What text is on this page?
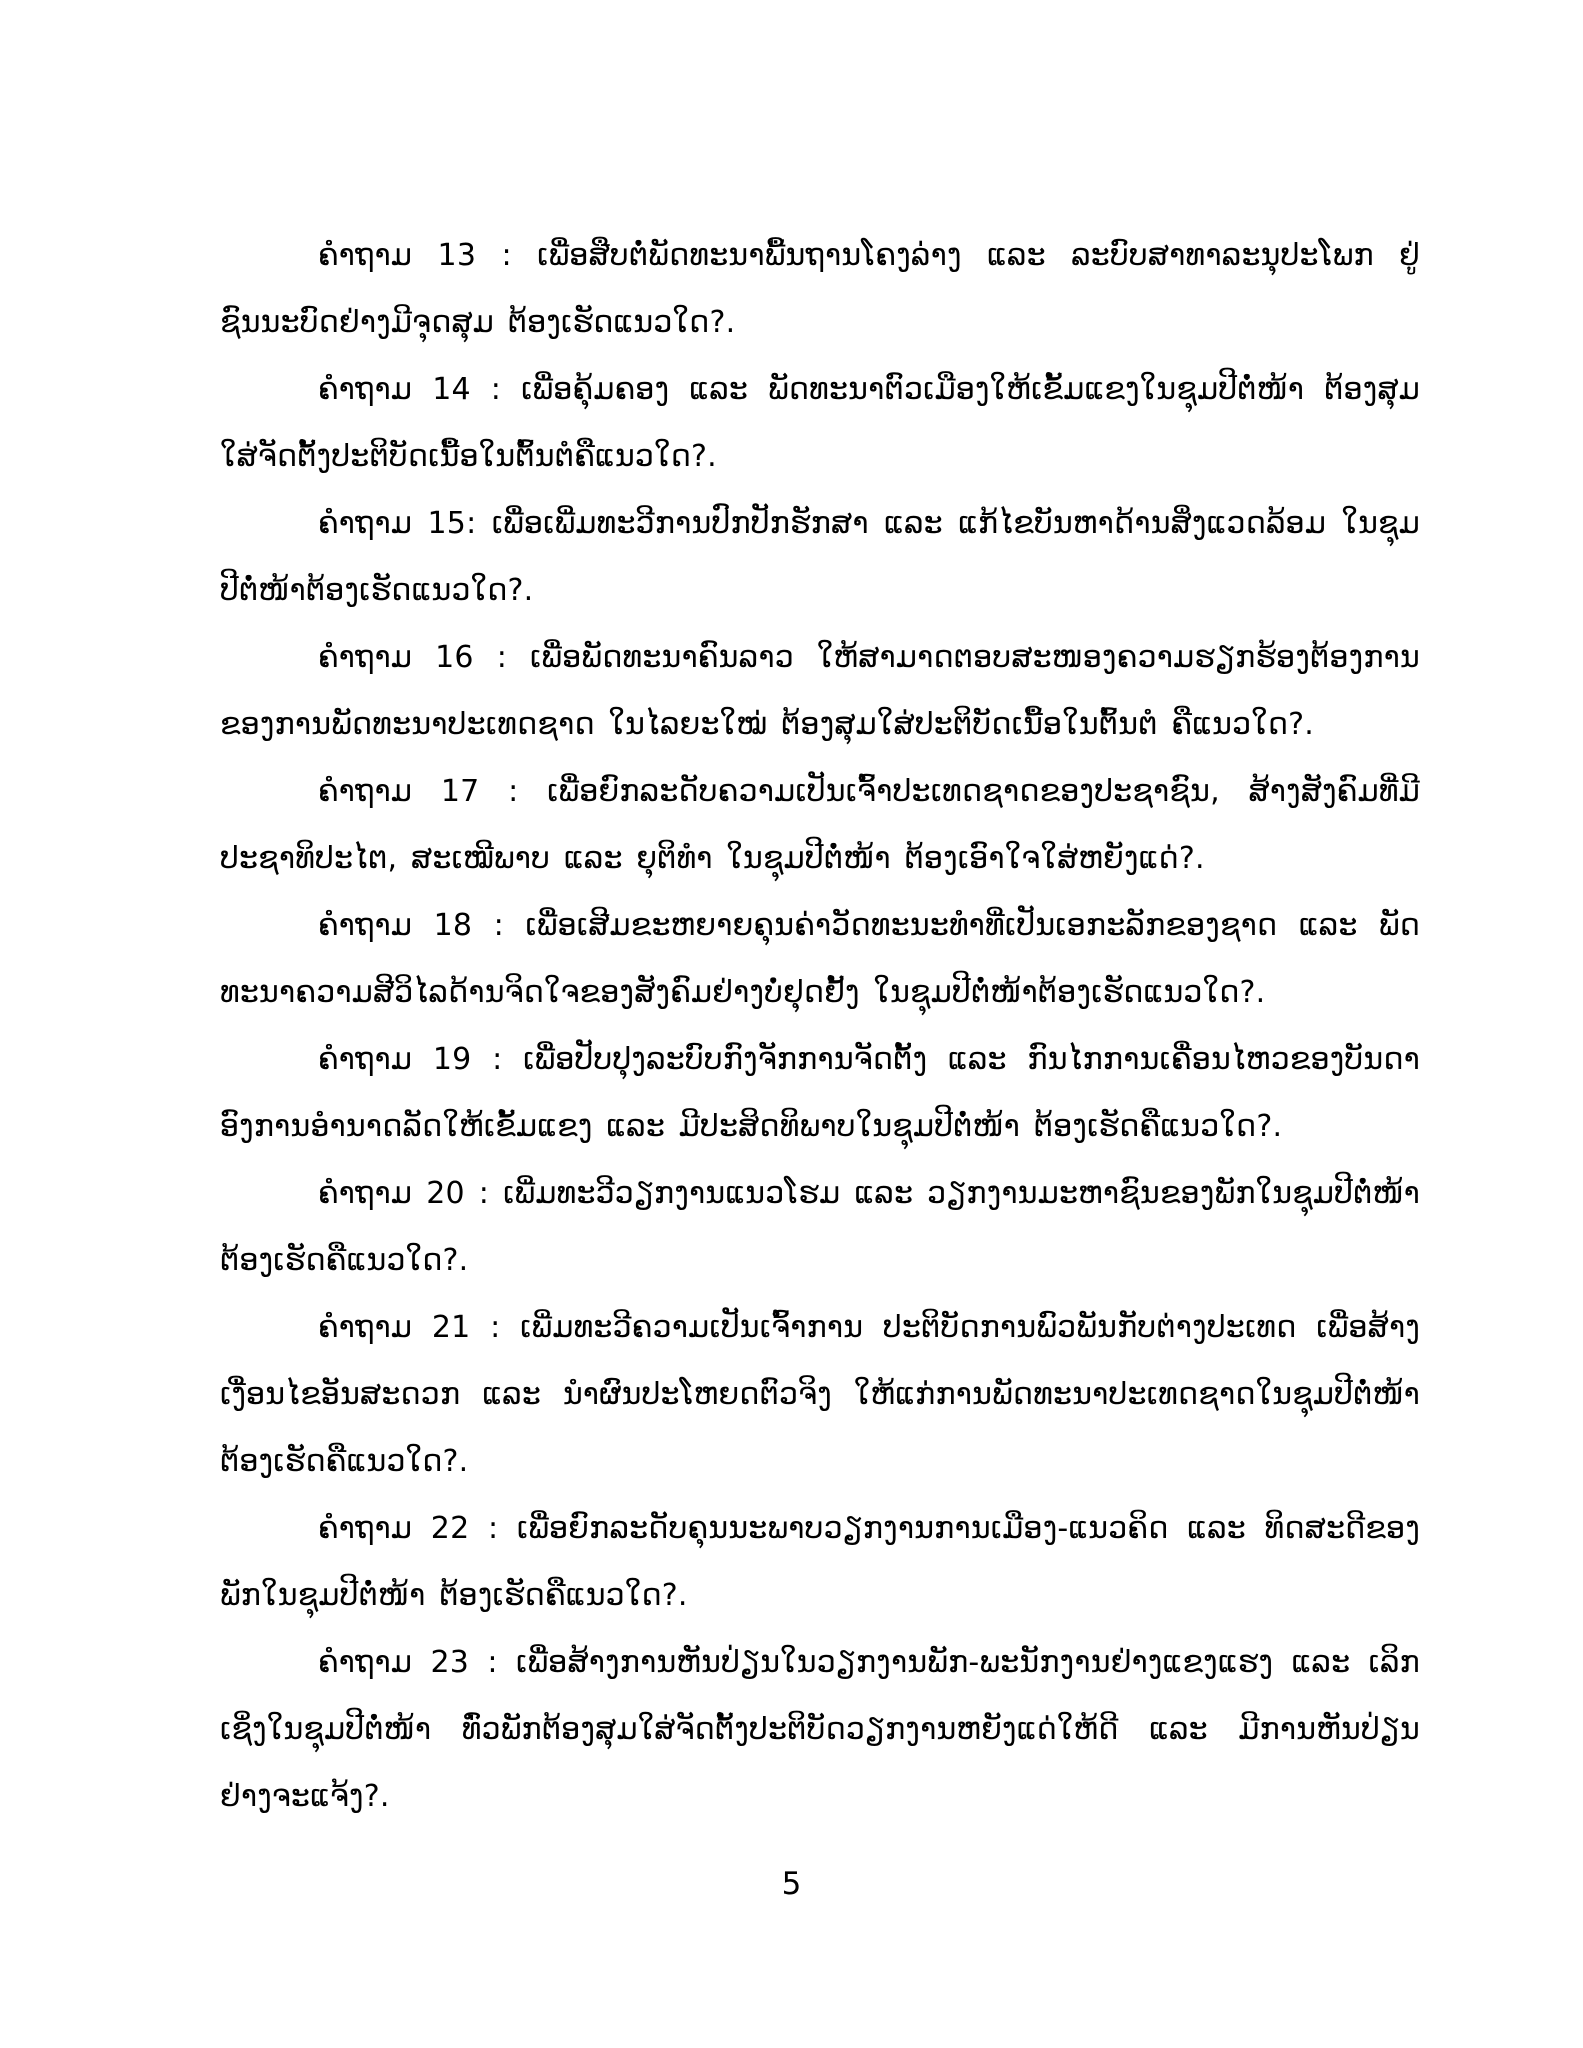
ຄຳຖາມ 13 : ເພື່ອສືບຕໍ່ພັດທະນາພື້ນຖານໂຄງລ່າງ ແລະ ລະບົບສາທາລະນຸປະໂພກ ຢູ່ຊົນນະບົດຢ່າງມີຈຸດສຸມ ຕ້ອງເຮັດແນວໃດ?.

ຄຳຖາມ 14 : ເພື່ອຄຸ້ມຄອງ ແລະ ພັດທະນາຕົວເມືອງໃຫ້ເຂັ້ມແຂງໃນຊຸມປີຕໍ່ໜ້າ ຕ້ອງສຸມໃສ່ຈັດຕັ້ງປະຕິບັດເນື້ອໃນຕົ້ນຕໍຄືແນວໃດ?.

ຄຳຖາມ 15: ເພື່ອເພີ່ມທະວີການປົກປັກຮັກສາ ແລະ ແກ້ໄຂບັນຫາດ້ານສິ່ງແວດລ້ອມ ໃນຊຸມປີຕໍ່ໜ້າຕ້ອງເຮັດແນວໃດ?.

ຄຳຖາມ 16 : ເພື່ອພັດທະນາຄົນລາວ ໃຫ້ສາມາດຕອບສະໜອງຄວາມຮຽກຮ້ອງຕ້ອງການຂອງການພັດທະນາປະເທດຊາດ ໃນໄລຍະໃໝ່ ຕ້ອງສຸມໃສ່ປະຕິບັດເນື້ອໃນຕົ້ນຕໍ ຄືແນວໃດ?.

ຄຳຖາມ 17 : ເພື່ອຍົກລະດັບຄວາມເປັນເຈົ້າປະເທດຊາດຂອງປະຊາຊົນ, ສ້າງສັງຄົມທີ່ມີປະຊາທິປະໄຕ, ສະເໝີພາບ ແລະ ຍຸຕິທຳ ໃນຊຸມປີຕໍ່ໜ້າ ຕ້ອງເອົາໃຈໃສ່ຫຍັງແດ່?.

ຄຳຖາມ 18 : ເພື່ອເສີມຂະຫຍາຍຄຸນຄ່າວັດທະນະທຳທີ່ເປັນເອກະລັກຂອງຊາດ ແລະ ພັດ ທະນາຄວາມສີວິໄລດ້ານຈິດໃຈຂອງສັງຄົມຢ່າງບໍ່ຢຸດຢັ້ງ ໃນຊຸມປີຕໍ່ໜ້າຕ້ອງເຮັດແນວໃດ?.

ຄຳຖາມ 19 : ເພື່ອປັບປຸງລະບົບກົງຈັກການຈັດຕັ້ງ ແລະ ກົນໄກການເຄື່ອນໄຫວຂອງບັນດາອົງການອຳນາດລັດໃຫ້ເຂັ້ມແຂງ ແລະ ມີປະສິດທິພາບໃນຊຸມປີຕໍ່ໜ້າ ຕ້ອງເຮັດຄືແນວໃດ?.

ຄຳຖາມ 20 : ເພີ່ມທະວີວຽກງານແນວໂຮມ ແລະ ວຽກງານມະຫາຊົນຂອງພັກໃນຊຸມປີຕໍ່ໜ້າຕ້ອງເຮັດຄືແນວໃດ?.

ຄຳຖາມ 21 : ເພີ່ມທະວີຄວາມເປັນເຈົ້າການ ປະຕິບັດການພົວພັນກັບຕ່າງປະເທດ ເພື່ອສ້າງເງື່ອນໄຂອັນສະດວກ ແລະ ນຳຜົນປະໂຫຍດຕົວຈິງ ໃຫ້ແກ່ການພັດທະນາປະເທດຊາດໃນຊຸມປີຕໍ່ໜ້າຕ້ອງເຮັດຄືແນວໃດ?.

ຄຳຖາມ 22 : ເພື່ອຍົກລະດັບຄຸນນະພາບວຽກງານການເມືອງ-ແນວຄິດ ແລະ ທິດສະດີຂອງພັກໃນຊຸມປີຕໍ່ໜ້າ ຕ້ອງເຮັດຄືແນວໃດ?.

ຄຳຖາມ 23 : ເພື່ອສ້າງການຫັນປ່ຽນໃນວຽກງານພັກ-ພະນັກງານຢ່າງແຂງແຮງ ແລະ ເລິກເຊິ່ງໃນຊຸມປີຕໍ່ໜ້າ ທົ່ວພັກຕ້ອງສຸມໃສ່ຈັດຕັ້ງປະຕິບັດວຽກງານຫຍັງແດ່ໃຫ້ດີ ແລະ ມີການຫັນປ່ຽນຢ່າງຈະແຈ້ງ?.

5
